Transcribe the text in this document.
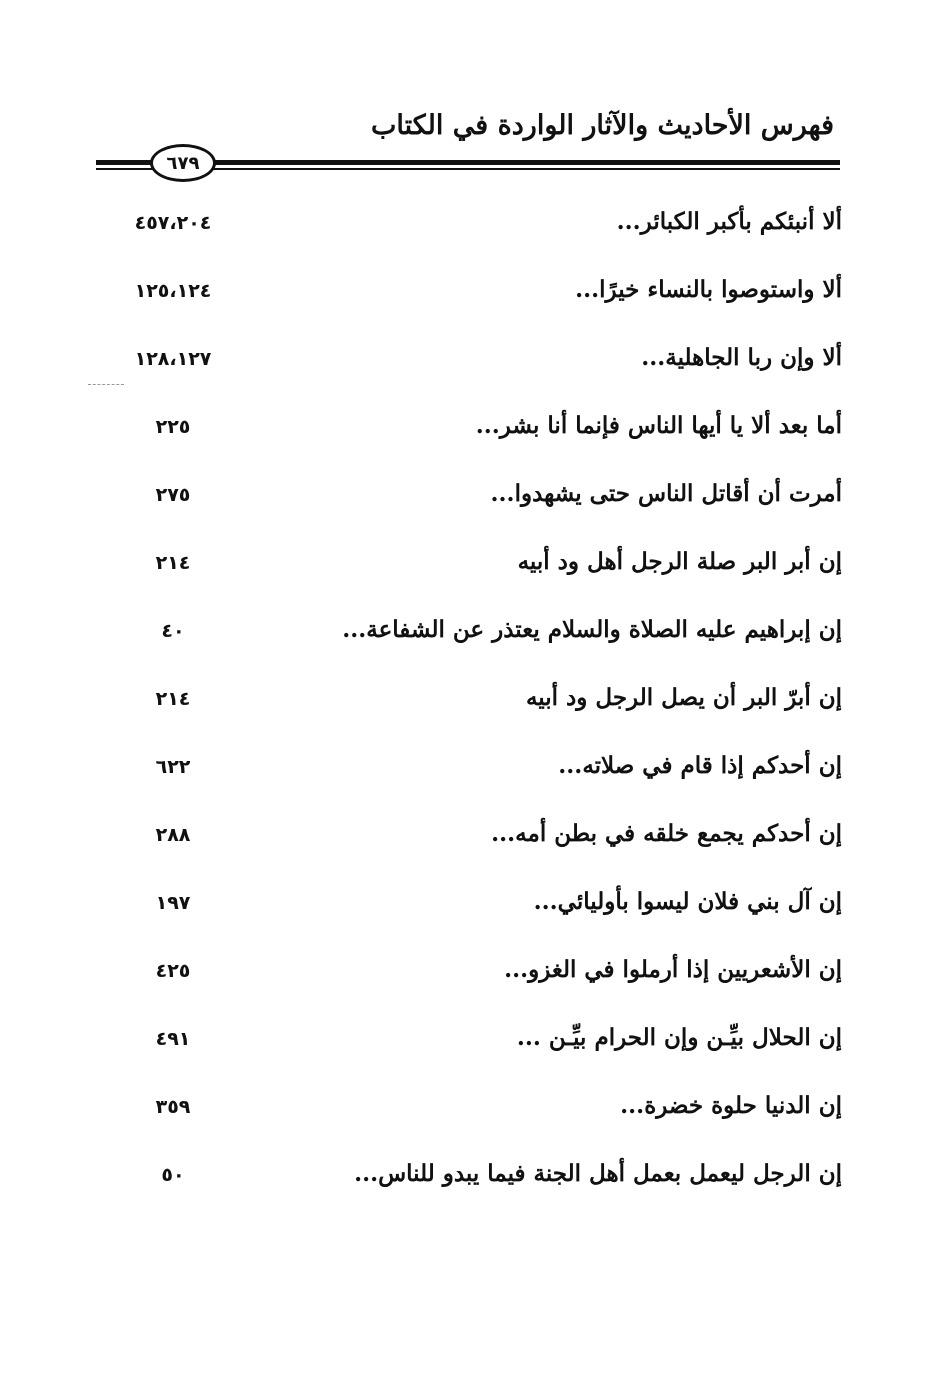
فهرس الأحاديث والآثار الواردة في الكتاب
٦٧٩
ألا أنبئكم بأكبر الكبائر...
٤٥٧،٢٠٤
ألا واستوصوا بالنساء خيرًا...
١٢٥،١٢٤
ألا وإن ربا الجاهلية...
١٢٨،١٢٧
أما بعد ألا يا أيها الناس فإنما أنا بشر...
٢٢٥
أمرت أن أقاتل الناس حتى يشهدوا...
٢٧٥
إن أبر البر صلة الرجل أهل ود أبيه
٢١٤
إن إبراهيم عليه الصلاة والسلام يعتذر عن الشفاعة...
٤٠
إن أبرّ البر أن يصل الرجل ود أبيه
٢١٤
إن أحدكم إذا قام في صلاته...
٦٢٢
إن أحدكم يجمع خلقه في بطن أمه...
٢٨٨
إن آل بني فلان ليسوا بأوليائي...
١٩٧
إن الأشعريين إذا أرملوا في الغزو...
٤٢٥
إن الحلال بيِّـن وإن الحرام بيِّـن ...
٤٩١
إن الدنيا حلوة خضرة...
٣٥٩
إن الرجل ليعمل بعمل أهل الجنة فيما يبدو للناس...
٥٠
